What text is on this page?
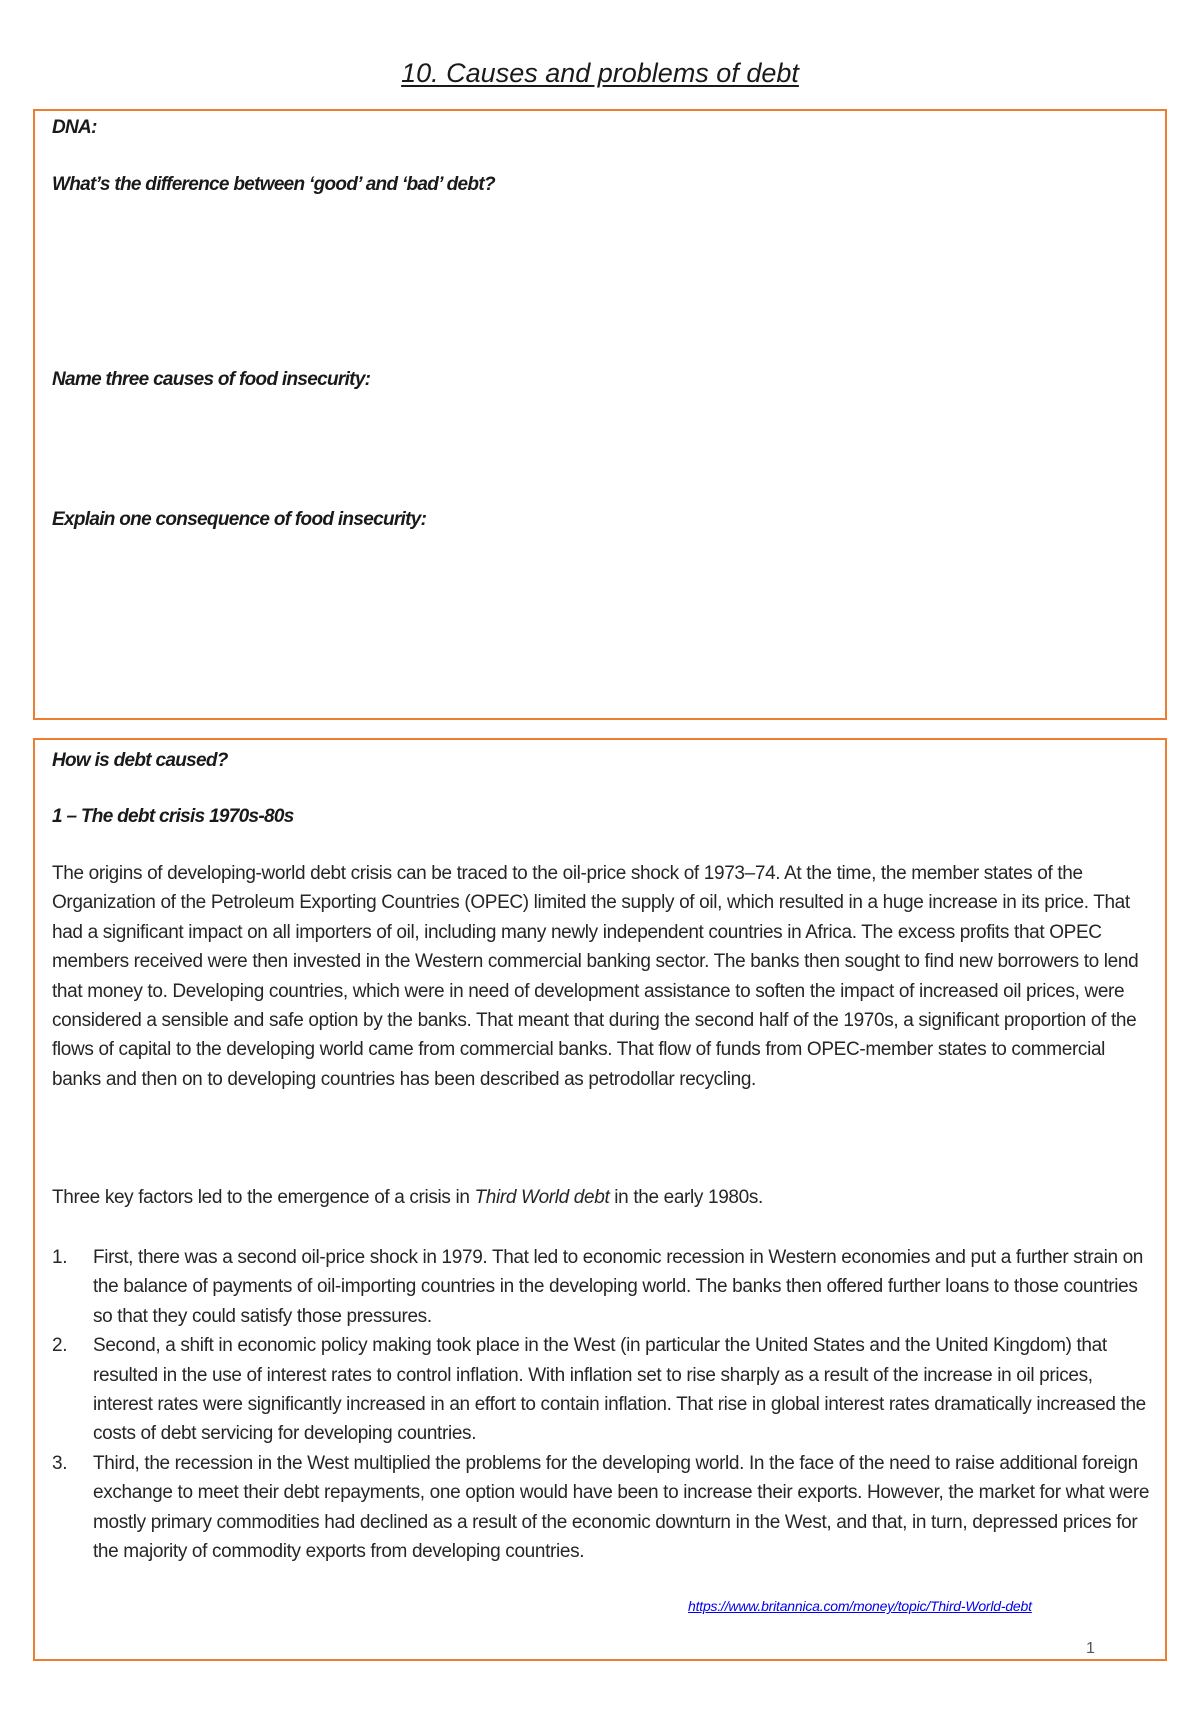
10. Causes and problems of debt

DNA:

What’s the difference between ‘good’ and ‘bad’ debt?

Name three causes of food insecurity:

Explain one consequence of food insecurity:

How is debt caused?

1 – The debt crisis 1970s-80s

The origins of developing-world debt crisis can be traced to the oil-price shock of 1973–74. At the time, the member states of the Organization of the Petroleum Exporting Countries (OPEC) limited the supply of oil, which resulted in a huge increase in its price. That had a significant impact on all importers of oil, including many newly independent countries in Africa. The excess profits that OPEC members received were then invested in the Western commercial banking sector. The banks then sought to find new borrowers to lend that money to. Developing countries, which were in need of development assistance to soften the impact of increased oil prices, were considered a sensible and safe option by the banks. That meant that during the second half of the 1970s, a significant proportion of the flows of capital to the developing world came from commercial banks. That flow of funds from OPEC-member states to commercial banks and then on to developing countries has been described as petrodollar recycling.

Three key factors led to the emergence of a crisis in Third World debt in the early 1980s.

1. First, there was a second oil-price shock in 1979. That led to economic recession in Western economies and put a further strain on the balance of payments of oil-importing countries in the developing world. The banks then offered further loans to those countries so that they could satisfy those pressures.
2. Second, a shift in economic policy making took place in the West (in particular the United States and the United Kingdom) that resulted in the use of interest rates to control inflation. With inflation set to rise sharply as a result of the increase in oil prices, interest rates were significantly increased in an effort to contain inflation. That rise in global interest rates dramatically increased the costs of debt servicing for developing countries.
3. Third, the recession in the West multiplied the problems for the developing world. In the face of the need to raise additional foreign exchange to meet their debt repayments, one option would have been to increase their exports. However, the market for what were mostly primary commodities had declined as a result of the economic downturn in the West, and that, in turn, depressed prices for the majority of commodity exports from developing countries.
https://www.britannica.com/money/topic/Third-World-debt
1
